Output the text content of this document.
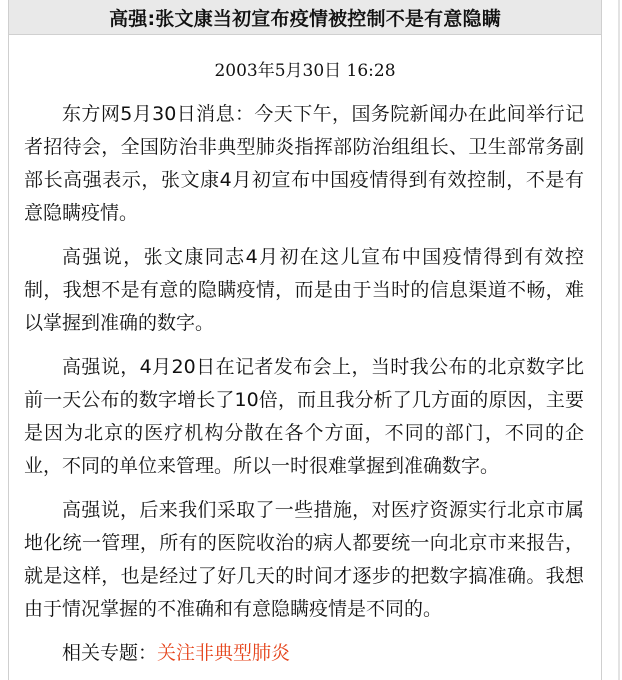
高强:张文康当初宣布疫情被控制不是有意隐瞒
2003年5月30日 16:28

东方网5月30日消息：今天下午，国务院新闻办在此间举行记者招待会，全国防治非典型肺炎指挥部防治组组长、卫生部常务副部长高强表示，张文康4月初宣布中国疫情得到有效控制，不是有意隐瞒疫情。

高强说，张文康同志4月初在这儿宣布中国疫情得到有效控制，我想不是有意的隐瞒疫情，而是由于当时的信息渠道不畅，难以掌握到准确的数字。

高强说，4月20日在记者发布会上，当时我公布的北京数字比前一天公布的数字增长了10倍，而且我分析了几方面的原因，主要是因为北京的医疗机构分散在各个方面，不同的部门，不同的企业，不同的单位来管理。所以一时很难掌握到准确数字。

高强说，后来我们采取了一些措施，对医疗资源实行北京市属地化统一管理，所有的医院收治的病人都要统一向北京市来报告，就是这样，也是经过了好几天的时间才逐步的把数字搞准确。我想由于情况掌握的不准确和有意隐瞒疫情是不同的。

相关专题：关注非典型肺炎
